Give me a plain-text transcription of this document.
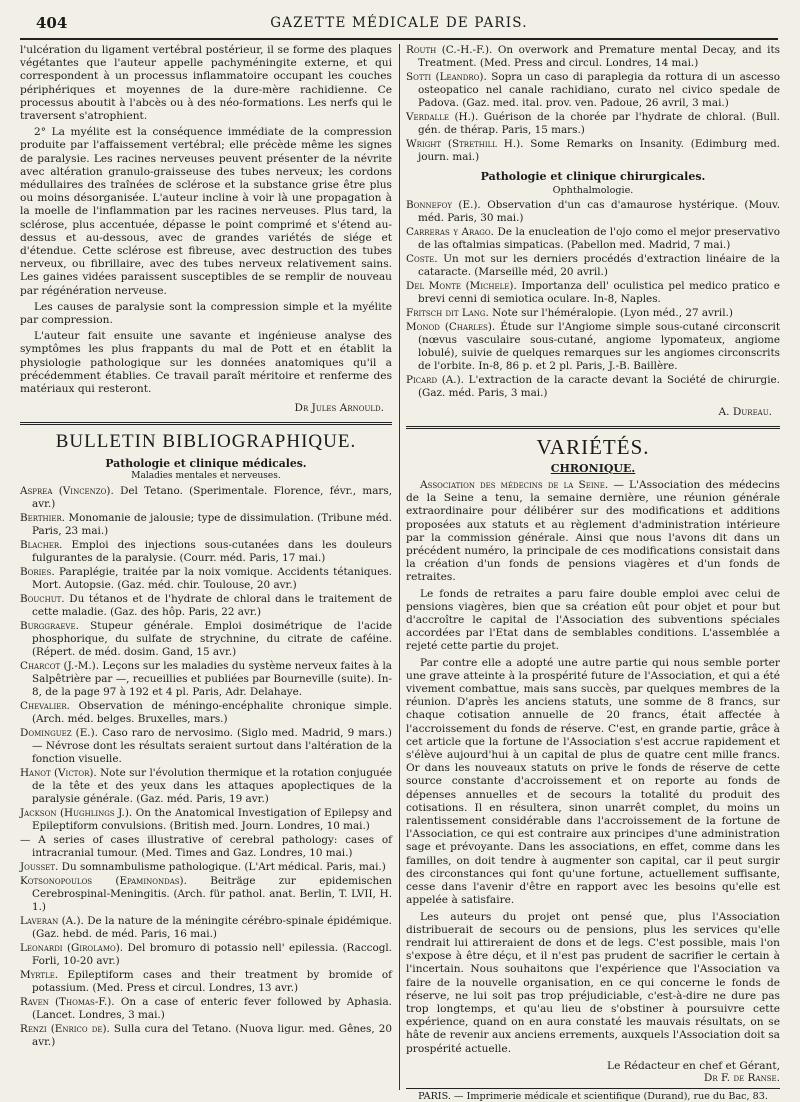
404	GAZETTE MÉDICALE DE PARIS.

l'ulcération du ligament vertébral postérieur, il se forme des plaques végétantes que l'auteur appelle pachyméningite externe, et qui correspondent à un processus inflammatoire occupant les couches périphériques et moyennes de la dure-mère rachidienne. Ce processus aboutit à l'abcès ou à des néo-formations. Les nerfs qui le traversent s'atrophient.

2° La myélite est la conséquence immédiate de la compression produite par l'affaissement vertébral; elle précède même les signes de paralysie. Les racines nerveuses peuvent présenter de la névrite avec altération granulo-graisseuse des tubes nerveux; les cordons médullaires des traînées de sclérose et la substance grise être plus ou moins désorganisée. L'auteur incline à voir là une propagation à la moelle de l'inflammation par les racines nerveuses. Plus tard, la sclérose, plus accentuée, dépasse le point comprimé et s'étend au-dessus et au-dessous, avec de grandes variétés de siége et d'étendue. Cette sclérose est fibreuse, avec destruction des tubes nerveux, ou fibrillaire, avec des tubes nerveux relativement sains. Les gaines vidées paraissent susceptibles de se remplir de nouveau par régénération nerveuse.

Les causes de paralysie sont la compression simple et la myélite par compression.

L'auteur fait ensuite une savante et ingénieuse analyse des symptômes les plus frappants du mal de Pott et en établit la physiologie pathologique sur les données anatomiques qu'il a précédemment établies. Ce travail paraît méritoire et renferme des matériaux qui resteront.

Dr Jules Arnould.
BULLETIN BIBLIOGRAPHIQUE.
Pathologie et clinique médicales.
Maladies mentales et nerveuses.
Asprea (Vincenzo). Del Tetano. (Sperimentale. Florence, févr., mars, avr.)
Berthier. Monomanie de jalousie; type de dissimulation. (Tribune méd. Paris, 23 mai.)
Blacher. Emploi des injections sous-cutanées dans les douleurs fulgurantes de la paralysie. (Courr. méd. Paris, 17 mai.)
Bories. Paraplégie, traitée par la noix vomique. Accidents tétaniques. Mort. Autopsie. (Gaz. méd. chir. Toulouse, 20 avr.)
Bouchut. Du tétanos et de l'hydrate de chloral dans le traitement de cette maladie. (Gaz. des hôp. Paris, 22 avr.)
Burggraeve. Stupeur générale. Emploi dosimétrique de l'acide phosphorique, du sulfate de strychnine, du citrate de caféine. (Répert. de méd. dosim. Gand, 15 avr.)
Charcot (J.-M.). Leçons sur les maladies du système nerveux faites à la Salpêtrière par —, recueillies et publiées par Bourneville (suite). In-8, de la page 97 à 192 et 4 pl. Paris, Adr. Delahaye.
Chevalier. Observation de méningo-encéphalite chronique simple. (Arch. méd. belges. Bruxelles, mars.)
Dominguez (E.). Caso raro de nervosimo. (Siglo med. Madrid, 9 mars.) — Névrose dont les résultats seraient surtout dans l'altération de la fonction visuelle.
Hanot (Victor). Note sur l'évolution thermique et la rotation conjuguée de la tête et des yeux dans les attaques apoplectiques de la paralysie générale. (Gaz. méd. Paris, 19 avr.)
Jackson (Hughlings J.). On the Anatomical Investigation of Epilepsy and Epileptiform convulsions. (British med. Journ. Londres, 10 mai.)
— A series of cases illustrative of cerebral pathology: cases of intracranial tumour. (Med. Times and Gaz. Londres, 10 mai.)
Jousset. Du somnambulisme pathologique. (L'Art médical. Paris, mai.)
Kotsonopoulos (Epaminondas). Beiträge zur epidemischen Cerebrospinal-Meningitis. (Arch. für pathol. anat. Berlin, T. LVII, H. 1.)
Laveran (A.). De la nature de la méningite cérébro-spinale épidémique. (Gaz. hebd. de méd. Paris, 16 mai.)
Leonardi (Girolamo). Del bromuro di potassio nell' epilessia. (Raccogl. Forli, 10-20 avr.)
Myrtle. Epileptiform cases and their treatment by bromide of potassium. (Med. Press et circul. Londres, 13 avr.)
Raven (Thomas-F.). On a case of enteric fever followed by Aphasia. (Lancet. Londres, 3 mai.)
Renzi (Enrico de). Sulla cura del Tetano. (Nuova ligur. med. Gênes, 20 avr.)
Routh (C.-H.-F.). On overwork and Premature mental Decay, and its Treatment. (Med. Press and circul. Londres, 14 mai.)
Sotti (Leandro). Sopra un caso di paraplegia da rottura di un ascesso osteopatico nel canale rachidiano, curato nel civico spedale de Padova. (Gaz. med. ital. prov. ven. Padoue, 26 avril, 3 mai.)
Verdalle (H.). Guérison de la chorée par l'hydrate de chloral. (Bull. gén. de thérap. Paris, 15 mars.)
Wright (Strethill H.). Some Remarks on Insanity. (Edimburg med. journ. mai.)
Pathologie et clinique chirurgicales.
Ophthalmologie.
Bonnefoy (E.). Observation d'un cas d'amaurose hystérique. (Mouv. méd. Paris, 30 mai.)
Carreras y Arago. De la enucleation de l'ojo como el mejor preservativo de las oftalmias simpaticas. (Pabellon med. Madrid, 7 mai.)
Coste. Un mot sur les derniers procédés d'extraction linéaire de la cataracte. (Marseille méd, 20 avril.)
Del Monte (Michele). Importanza dell' oculistica pel medico pratico e brevi cenni di semiotica oculare. In-8, Naples.
Fritsch dit Lang. Note sur l'héméralopie. (Lyon méd., 27 avril.)
Monod (Charles). Étude sur l'Angiome simple sous-cutané circonscrit (nœvus vasculaire sous-cutané, angiome lypomateux, angiome lobulé), suivie de quelques remarques sur les angiomes circonscrits de l'orbite. In-8, 86 p. et 2 pl. Paris, J.-B. Baillère.
Picard (A.). L'extraction de la caracte devant la Société de chirurgie. (Gaz. méd. Paris, 3 mai.)
A. Dureau.
VARIÉTÉS.
CHRONIQUE.

Association des médecins de la Seine. — L'Association des médecins de la Seine a tenu, la semaine dernière, une réunion générale extraordinaire pour délibérer sur des modifications et additions proposées aux statuts et au règlement d'administration intérieure par la commission générale. Ainsi que nous l'avons dit dans un précédent numéro, la principale de ces modifications consistait dans la création d'un fonds de pensions viagères et d'un fonds de retraites.

Le fonds de retraites a paru faire double emploi avec celui de pensions viagères, bien que sa création eût pour objet et pour but d'accroître le capital de l'Association des subventions spéciales accordées par l'Etat dans de semblables conditions. L'assemblée a rejeté cette partie du projet.

Par contre elle a adopté une autre partie qui nous semble porter une grave atteinte à la prospérité future de l'Association, et qui a été vivement combattue, mais sans succès, par quelques membres de la réunion. D'après les anciens statuts, une somme de 8 francs, sur chaque cotisation annuelle de 20 francs, était affectée à l'accroissement du fonds de réserve. C'est, en grande partie, grâce à cet article que la fortune de l'Association s'est accrue rapidement et s'élève aujourd'hui à un capital de plus de quatre cent mille francs. Or dans les nouveaux statuts on prive le fonds de réserve de cette source constante d'accroissement et on reporte au fonds de dépenses annuelles et de secours la totalité du produit des cotisations. Il en résultera, sinon unarrêt complet, du moins un ralentissement considérable dans l'accroissement de la fortune de l'Association, ce qui est contraire aux principes d'une administration sage et prévoyante. Dans les associations, en effet, comme dans les familles, on doit tendre à augmenter son capital, car il peut surgir des circonstances qui font qu'une fortune, actuellement suffisante, cesse dans l'avenir d'être en rapport avec les besoins qu'elle est appelée à satisfaire.

Les auteurs du projet ont pensé que, plus l'Association distribuerait de secours ou de pensions, plus les services qu'elle rendrait lui attireraient de dons et de legs. C'est possible, mais l'on s'expose à être déçu, et il n'est pas prudent de sacrifier le certain à l'incertain. Nous souhaitons que l'expérience que l'Association va faire de la nouvelle organisation, en ce qui concerne le fonds de réserve, ne lui soit pas trop préjudiciable, c'est-à-dire ne dure pas trop longtemps, et qu'au lieu de s'obstiner à poursuivre cette expérience, quand on en aura constaté les mauvais résultats, on se hâte de revenir aux anciens errements, auxquels l'Association doit sa prospérité actuelle.

Le Rédacteur en chef et Gérant,
Dr F. de Ranse.
PARIS. — Imprimerie médicale et scientifique (Durand), rue du Bac, 83.
